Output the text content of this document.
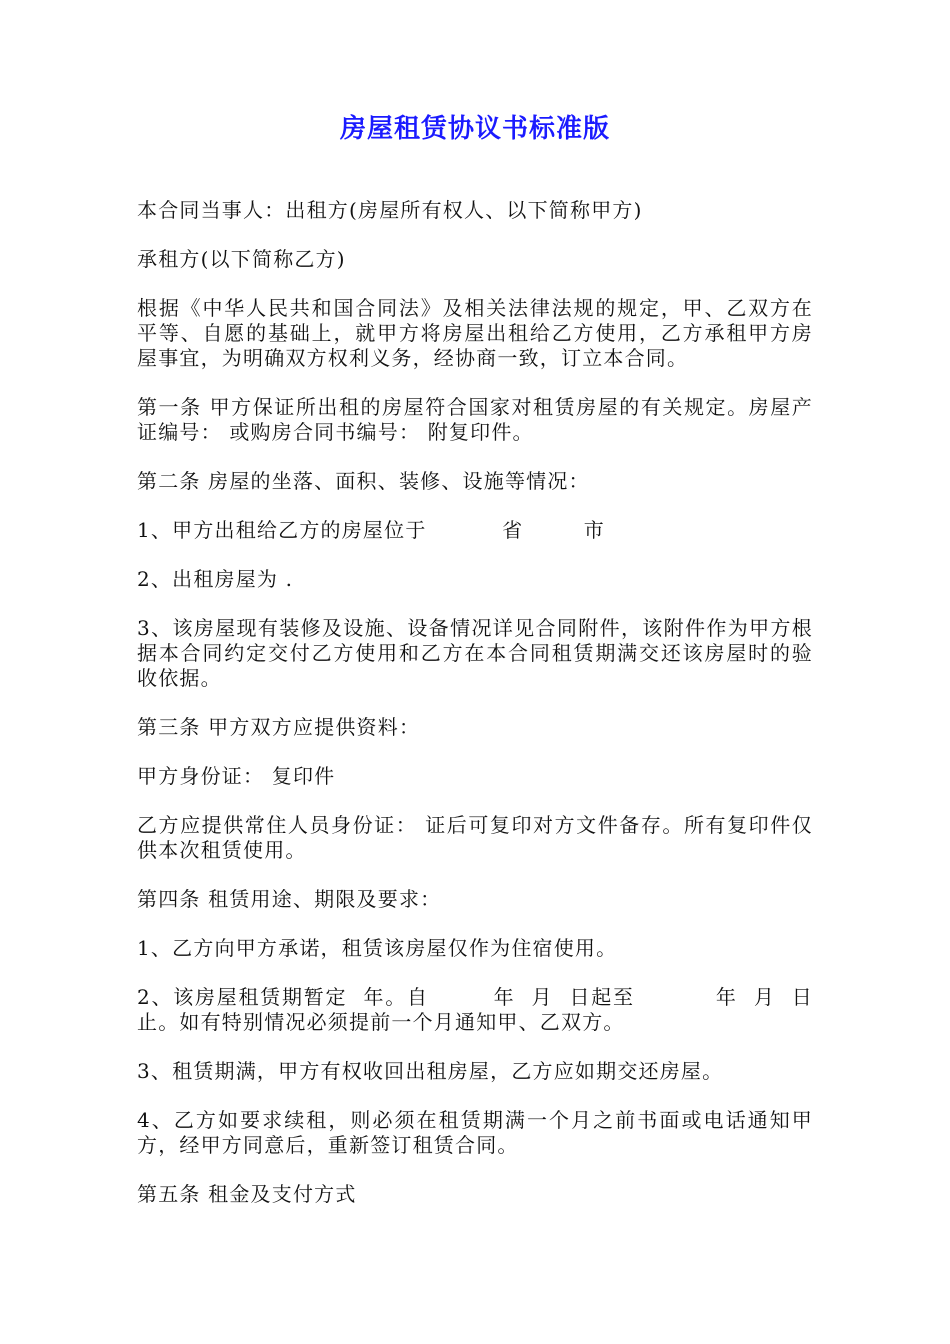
房屋租赁协议书标准版

本合同当事人：出租方(房屋所有权人、以下简称甲方)

承租方(以下简称乙方)

根据《中华人民共和国合同法》及相关法律法规的规定，甲、乙双方在平等、自愿的基础上，就甲方将房屋出租给乙方使用，乙方承租甲方房屋事宜，为明确双方权利义务，经协商一致，订立本合同。

第一条 甲方保证所出租的房屋符合国家对租赁房屋的有关规定。房屋产证编号： 或购房合同书编号： 附复印件。

第二条 房屋的坐落、面积、装修、设施等情况：

1、甲方出租给乙方的房屋位于          省        市

2、出租房屋为 .

3、该房屋现有装修及设施、设备情况详见合同附件，该附件作为甲方根据本合同约定交付乙方使用和乙方在本合同租赁期满交还该房屋时的验收依据。

第三条 甲方双方应提供资料：

甲方身份证： 复印件

乙方应提供常住人员身份证： 证后可复印对方文件备存。所有复印件仅供本次租赁使用。

第四条 租赁用途、期限及要求：

1、乙方向甲方承诺，租赁该房屋仅作为住宿使用。

2、该房屋租赁期暂定  年。自        年  月  日起至          年  月  日止。如有特别情况必须提前一个月通知甲、乙双方。

3、租赁期满，甲方有权收回出租房屋，乙方应如期交还房屋。

4、乙方如要求续租，则必须在租赁期满一个月之前书面或电话通知甲方，经甲方同意后，重新签订租赁合同。

第五条 租金及支付方式
